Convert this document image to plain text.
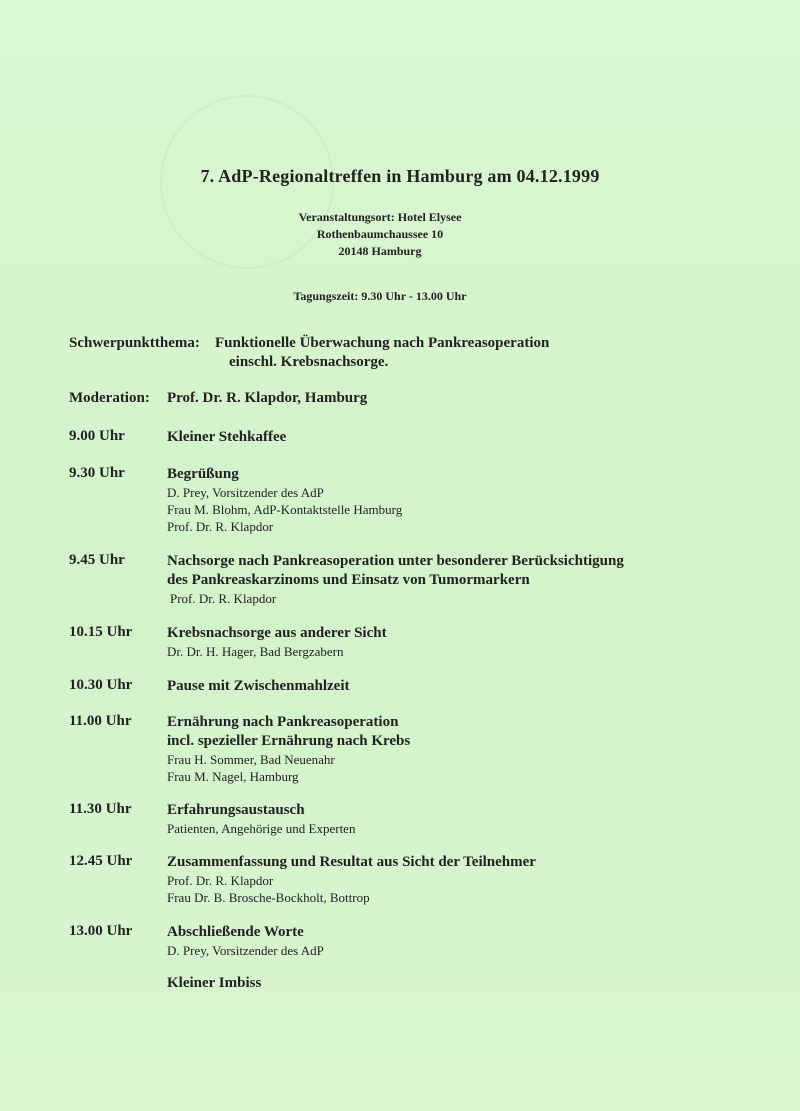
7. AdP-Regionaltreffen in Hamburg am 04.12.1999
Veranstaltungsort: Hotel Elysee
Rothenbaumchaussee 10
20148 Hamburg
Tagungszeit: 9.30 Uhr - 13.00 Uhr
Schwerpunktthema: Funktionelle Überwachung nach Pankreasoperation
einschl. Krebsnachsorge.
Moderation: Prof. Dr. R. Klapdor, Hamburg
9.00 Uhr	Kleiner Stehkaffee
9.30 Uhr	Begrüßung
D. Prey, Vorsitzender des AdP
Frau M. Blohm, AdP-Kontaktstelle Hamburg
Prof. Dr. R. Klapdor
9.45 Uhr	Nachsorge nach Pankreasoperation unter besonderer Berücksichtigung
des Pankreaskarzinoms und Einsatz von Tumormarkern
Prof. Dr. R. Klapdor
10.15 Uhr	Krebsnachsorge aus anderer Sicht
Dr. Dr. H. Hager, Bad Bergzabern
10.30 Uhr	Pause mit Zwischenmahlzeit
11.00 Uhr	Ernährung nach Pankreasoperation
incl. spezieller Ernährung nach Krebs
Frau H. Sommer, Bad Neuenahr
Frau M. Nagel, Hamburg
11.30 Uhr	Erfahrungsaustausch
Patienten, Angehörige und Experten
12.45 Uhr	Zusammenfassung und Resultat aus Sicht der Teilnehmer
Prof. Dr. R. Klapdor
Frau Dr. B. Brosche-Bockholt, Bottrop
13.00 Uhr	Abschließende Worte
D. Prey, Vorsitzender des AdP
Kleiner Imbiss
